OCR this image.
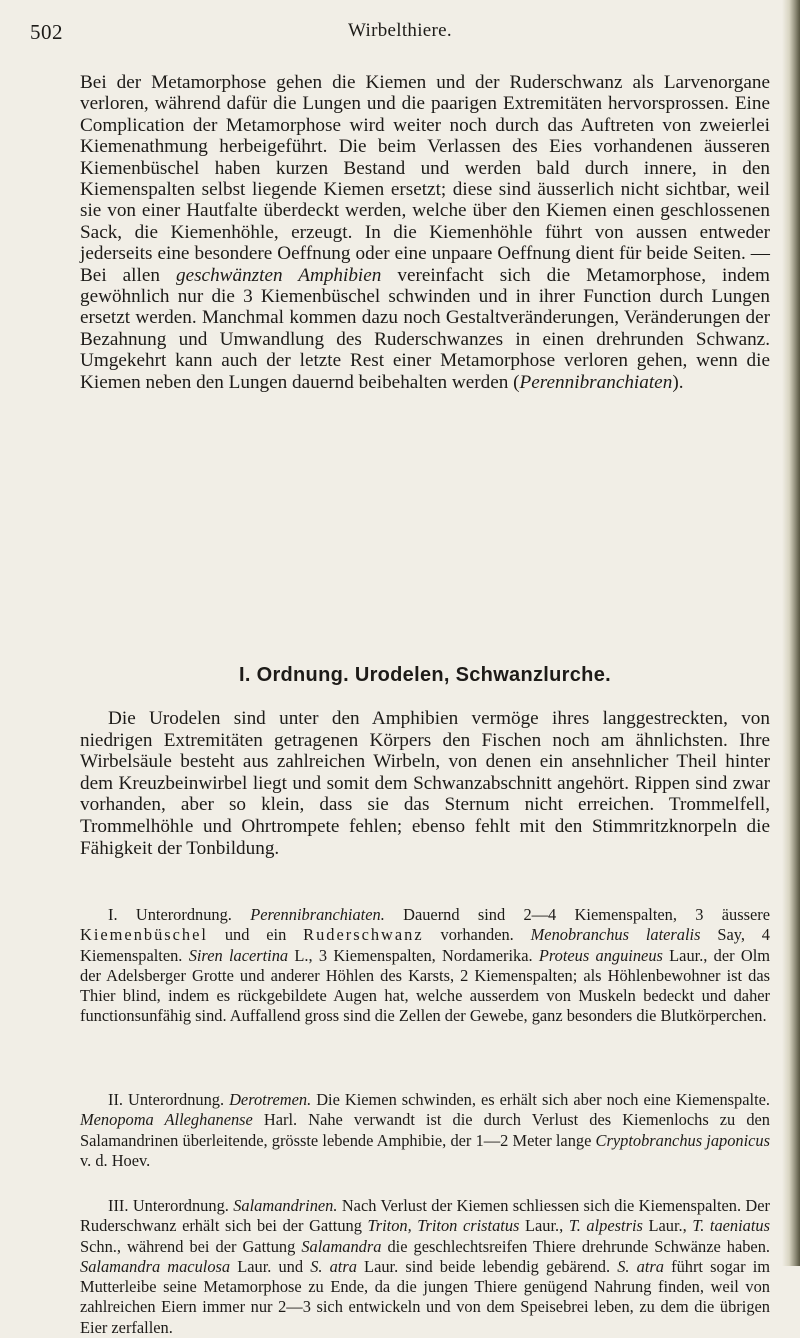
502	Wirbelthiere.

Bei der Metamorphose gehen die Kiemen und der Ruderschwanz als Larvenorgane verloren, während dafür die Lungen und die paarigen Extremitäten hervorsprossen. Eine Complication der Metamorphose wird weiter noch durch das Auftreten von zweierlei Kiemenathmung herbeigeführt. Die beim Verlassen des Eies vorhandenen äusseren Kiemenbüschel haben kurzen Bestand und werden bald durch innere, in den Kiemenspalten selbst liegende Kiemen ersetzt; diese sind äusserlich nicht sichtbar, weil sie von einer Hautfalte überdeckt werden, welche über den Kiemen einen geschlossenen Sack, die Kiemenhöhle, erzeugt. In die Kiemenhöhle führt von aussen entweder jederseits eine besondere Oeffnung oder eine unpaare Oeffnung dient für beide Seiten. — Bei allen geschwänzten Amphibien vereinfacht sich die Metamorphose, indem gewöhnlich nur die 3 Kiemenbüschel schwinden und in ihrer Function durch Lungen ersetzt werden. Manchmal kommen dazu noch Gestaltveränderungen, Veränderungen der Bezahnung und Umwandlung des Ruderschwanzes in einen drehrunden Schwanz. Umgekehrt kann auch der letzte Rest einer Metamorphose verloren gehen, wenn die Kiemen neben den Lungen dauernd beibehalten werden (Perennibranchiaten).

I. Ordnung. Urodelen, Schwanzlurche.

Die Urodelen sind unter den Amphibien vermöge ihres langgestreckten, von niedrigen Extremitäten getragenen Körpers den Fischen noch am ähnlichsten. Ihre Wirbelsäule besteht aus zahlreichen Wirbeln, von denen ein ansehnlicher Theil hinter dem Kreuzbeinwirbel liegt und somit dem Schwanzabschnitt angehört. Rippen sind zwar vorhanden, aber so klein, dass sie das Sternum nicht erreichen. Trommelfell, Trommelhöhle und Ohrtrompete fehlen; ebenso fehlt mit den Stimmritzknorpeln die Fähigkeit der Tonbildung.

I. Unterordnung. Perennibranchiaten. Dauernd sind 2—4 Kiemenspalten, 3 äussere Kiemenbüschel und ein Ruderschwanz vorhanden. Menobranchus lateralis Say, 4 Kiemenspalten. Siren lacertina L., 3 Kiemenspalten, Nordamerika. Proteus anguineus Laur., der Olm der Adelsberger Grotte und anderer Höhlen des Karsts, 2 Kiemenspalten; als Höhlenbewohner ist das Thier blind, indem es rückgebildete Augen hat, welche ausserdem von Muskeln bedeckt und daher functionsunfähig sind. Auffallend gross sind die Zellen der Gewebe, ganz besonders die Blutkörperchen.

II. Unterordnung. Derotremen. Die Kiemen schwinden, es erhält sich aber noch eine Kiemenspalte. Menopoma Alleghanense Harl. Nahe verwandt ist die durch Verlust des Kiemenlochs zu den Salamandrinen überleitende, grösste lebende Amphibie, der 1—2 Meter lange Cryptobranchus japonicus v. d. Hoev.

III. Unterordnung. Salamandrinen. Nach Verlust der Kiemen schliessen sich die Kiemenspalten. Der Ruderschwanz erhält sich bei der Gattung Triton, Triton cristatus Laur., T. alpestris Laur., T. taeniatus Schn., während bei der Gattung Salamandra die geschlechtsreifen Thiere drehrunde Schwänze haben. Salamandra maculosa Laur. und S. atra Laur. sind beide lebendig gebärend. S. atra führt sogar im Mutterleibe seine Metamorphose zu Ende, da die jungen Thiere genügend Nahrung finden, weil von zahlreichen Eiern immer nur 2—3 sich entwickeln und von dem Speisebrei leben, zu dem die übrigen Eier zerfallen.
